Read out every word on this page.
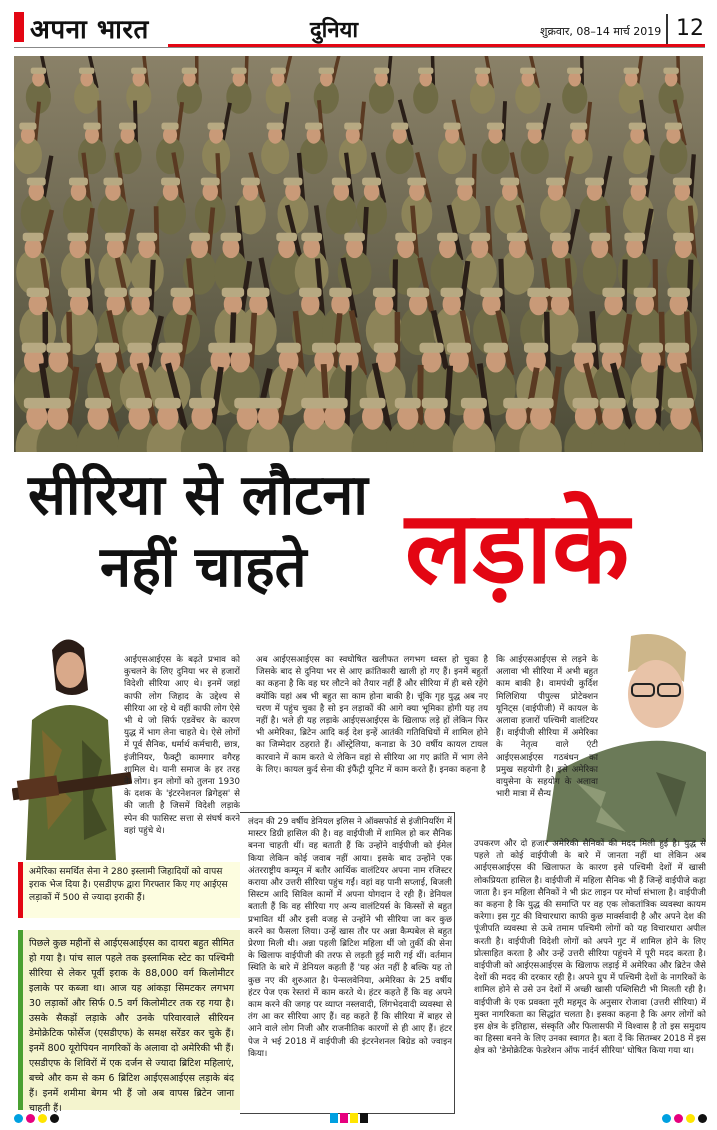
अपना भारत	दुनिया	शुक्रवार, 08–14 मार्च 2019 12
सीरिया से लौटना
नहीं चाहते लड़ाके
आईएसआईएस के बढ़ते प्रभाव को कुचलने के लिए दुनिया भर से हजारों विदेशी सीरिया आए थे। इनमें जहां काफी लोग जिहाद के उद्देश्य से सीरिया आ रहे थे वहीं काफी लोग ऐसे भी थे जो सिर्फ एडवेंचर के कारण युद्ध में भाग लेना चाहते थे। ऐसे लोगों में पूर्व सैनिक, धर्मार्थ कर्मचारी, छात्र, इंजीनियर, फैक्ट्री कामगार वगैरह शामिल थे। यानी समाज के हर तरह के लोग। इन लोगों को तुलना 1930 के दशक के 'इंटरनेशनल ब्रिगेड्स' से की जाती है जिसमें विदेशी लड़ाके स्पेन की फासिस्ट सत्ता से संघर्ष करने वहां पहुंचे थे।
अब आईएसआईएस का स्वघोषित खलीफत लगभग ध्वस्त हो चुका है जिसके बाद से दुनिया भर से आए क्रांतिकारी खाली हो गए हैं। इनमें बहुतों का कहना है कि वह घर लौटने को तैयार नहीं हैं और सीरिया में ही बसे रहेंगे क्योंकि यहां अब भी बहुत सा काम होना बाकी है। चूंकि गृह युद्ध अब नए चरण में पहुंच चुका है सो इन लड़ाकों की आगे क्या भूमिका होगी यह तय नहीं है। भले ही यह लड़ाके आईएसआईएस के खिलाफ लड़े हों लेकिन फिर भी अमेरिका, ब्रिटेन आदि कई देश इन्हें आतंकी गतिविधियों में शामिल होने का जिम्मेदार ठहराते हैं। ऑस्ट्रेलिया, कनाडा के 30 वर्षीय कायल टायल कारवाने में काम करते थे लेकिन वहां से सीरिया आ गए क्रांति में भाग लेने के लिए। कायल कुर्द सेना की इंफैंट्री यूनिट में काम करते हैं। इनका कहना है
कि आईएसआईएस से लड़ने के अलावा भी सीरिया में अभी बहुत काम बाकी है। वामपंथी कुर्दिश मिलिशिया पीपुल्स प्रोटेक्शन यूनिट्स (वाईपीजी) में कायल के अलावा हजारों पश्चिमी वालंटियर हैं। वाईपीजी सीरिया में अमेरिका के नेतृत्व वाले एंटी आईएसआईएस गठबंधन का प्रमुख सहयोगी है। इसे अमेरिका वायुसेना के सहयोग के अलावा भारी मात्रा में सैन्य
उपकरण और दो हजार अमेरिकी सैनिकों की मदद मिली हुई है। युद्ध से पहले तो कोई वाईपीजी के बारे में जानता नहीं था लेकिन अब आईएसआईएस की खिलाफत के कारण इसे पश्चिमी देशों में खासी लोकप्रियता हासिल है। वाईपीजी में महिला सैनिक भी हैं जिन्हें वाईपीजे कहा जाता है। इन महिला सैनिकों ने भी फ्रंट लाइन पर मोर्चा संभाला है। वाईपीजी का कहना है कि युद्ध की समाप्ति पर वह एक लोकतांत्रिक व्यवस्था कायम करेगा। इस गुट की विचारधारा काफी कुछ मार्क्सवादी है और अपने देश की पूंजीपति व्यवस्था से ऊबे तमाम पश्चिमी लोगों को यह विचारधारा अपील करती है। वाईपीजी विदेशी लोगों को अपने गुट में शामिल होने के लिए प्रोत्साहित करता है और उन्हें उत्तरी सीरिया पहुंचने में पूरी मदद करता है। वाईपीजी को आईएसआईएस के खिलाफ लड़ाई में अमेरिका और ब्रिटेन जैसे देशों की मदद की दरकार रही है। अपने ग्रुप में पश्चिमी देशों के नागरिकों के शामिल होने से उसे उन देशों में अच्छी खासी पब्लिसिटी भी मिलती रही है। वाईपीजी के एक प्रवक्ता नूरी महमूद के अनुसार रोजावा (उत्तरी सीरिया) में मुक्त नागरिकता का सिद्धांत चलता है। इसका कहना है कि अगर लोगों को इस क्षेत्र के इतिहास, संस्कृति और फिलासफी में विश्वास है तो इस समुदाय का हिस्सा बनने के लिए उनका स्वागत है। बता दें कि सितम्बर 2018 में इस क्षेत्र को 'डेमोक्रेटिक फेडरेशन ऑफ नार्दर्न सीरिया' घोषित किया गया था।
लंदन की 29 वर्षीय डेनियल इलिस ने ऑक्सफोर्ड से इंजीनियरिंग में मास्टर डिग्री हासिल की है। वह वाईपीजी में शामिल हो कर सैनिक बनना चाहती थीं। वह बताती हैं कि उन्होंने वाईपीजी को ईमेल किया लेकिन कोई जवाब नहीं आया। इसके बाद उन्होंने एक अंतरराष्ट्रीय कम्यून में बतौर आर्थिक वालंटियर अपना नाम रजिस्टर कराया और उत्तरी सीरिया पहुंच गईं। वहां वह पानी सप्लाई, बिजली सिस्टम आदि सिविल कामों में अपना योगदान दे रही हैं। डेनियल बताती हैं कि वह सीरिया गए अन्य वालंटियर्स के किस्सों से बहुत प्रभावित थीं और इसी वजह से उन्होंने भी सीरिया जा कर कुछ करने का फैसला लिया। उन्हें खास तौर पर अन्ना कैम्पबेल से बहुत प्रेरणा मिली थी। अन्ना पहली ब्रिटिश महिला थीं जो तुर्की की सेना के खिलाफ वाईपीजी की तरफ से लड़ती हुई मारी गई थीं। वर्तमान स्थिति के बारे में डेनियल कहती हैं 'यह अंत नहीं है बल्कि यह तो कुछ नए की शुरुआत है। पेन्सलवेनिया, अमेरिका के 25 वर्षीय हंटर पेज एक रेस्तरां में काम करते थे। हंटर कहते हैं कि वह अपने काम करने की जगह पर व्याप्त नस्लवादी, लिंगभेदवादी व्यवस्था से तंग आ कर सीरिया आए हैं। वह कहते हैं कि सीरिया में बाहर से आने वाले लोग निजी और राजनीतिक कारणों से ही आए हैं। हंटर पेज ने भई 2018 में वाईपीजी की इंटरनेशनल बिग्रेड को ज्वाइन किया।
अमेरिका समर्थित सेना ने 280 इस्लामी जिहादियों को वापस इराक भेज दिया है। एसडीएफ द्वारा गिरफ्तार किए गए आईएस लड़ाकों में 500 से ज्यादा इराकी हैं।
पिछले कुछ महीनों से आईएसआईएस का दायरा बहुत सीमित हो गया है। पांच साल पहले तक इस्लामिक स्टेट का पश्चिमी सीरिया से लेकर पूर्वी इराक के 88,000 वर्ग किलोमीटर इलाके पर कब्जा था। आज यह आंकड़ा सिमटकर लगभग 30 लड़ाकों और सिर्फ 0.5 वर्ग किलोमीटर तक रह गया है। उसके सैकड़ों लड़ाके और उनके परिवारवाले सीरियन डेमोक्रेटिक फोर्सेज (एसडीएफ) के समक्ष सरेंडर कर चुके हैं। इनमें 800 यूरोपियन नागरिकों के अलावा दो अमेरिकी भी हैं। एसडीएफ के शिविरों में एक दर्जन से ज्यादा ब्रिटिश महिलाएं, बच्चे और कम से कम 6 ब्रिटिश आईएसआईएस लड़ाके बंद हैं। इनमें शमीमा बेगम भी हैं जो अब वापस ब्रिटेन जाना चाहती हैं।
